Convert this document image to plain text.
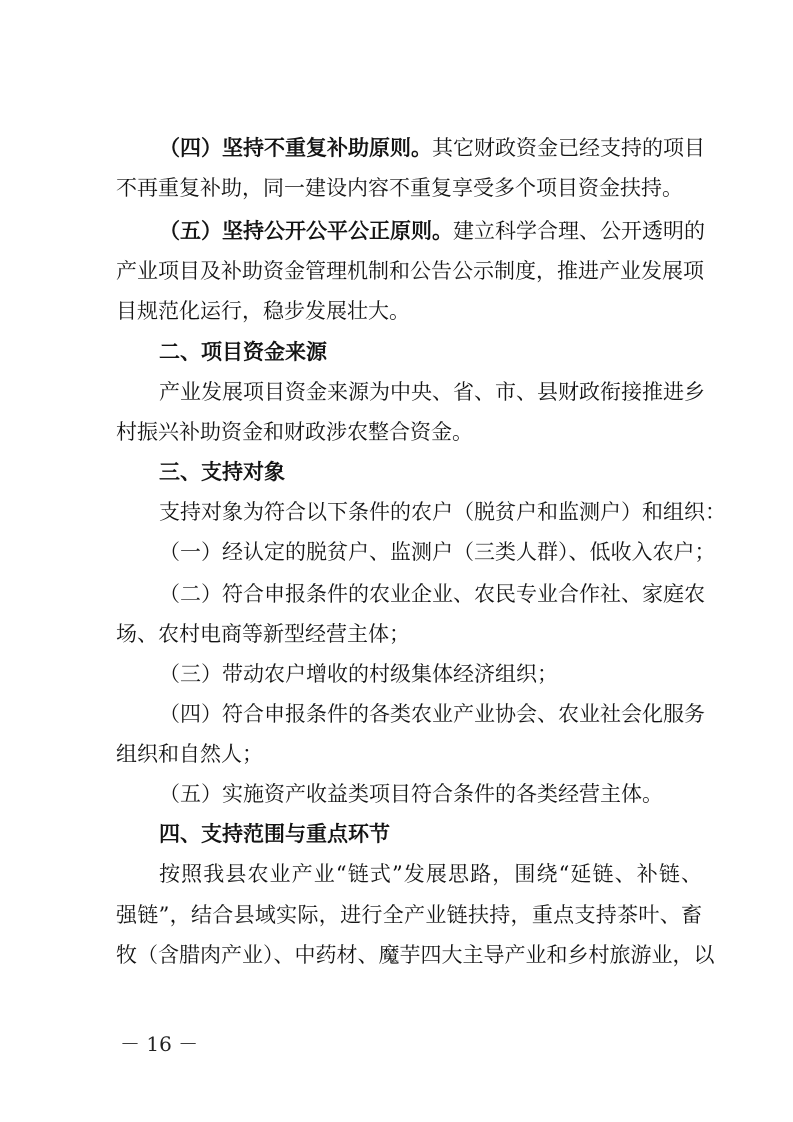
（四）坚持不重复补助原则。其它财政资金已经支持的项目
不再重复补助，同一建设内容不重复享受多个项目资金扶持。
（五）坚持公开公平公正原则。建立科学合理、公开透明的
产业项目及补助资金管理机制和公告公示制度，推进产业发展项
目规范化运行，稳步发展壮大。
二、项目资金来源
产业发展项目资金来源为中央、省、市、县财政衔接推进乡
村振兴补助资金和财政涉农整合资金。
三、支持对象
支持对象为符合以下条件的农户（脱贫户和监测户）和组织：
（一）经认定的脱贫户、监测户（三类人群）、低收入农户；
（二）符合申报条件的农业企业、农民专业合作社、家庭农
场、农村电商等新型经营主体；
（三）带动农户增收的村级集体经济组织；
（四）符合申报条件的各类农业产业协会、农业社会化服务
组织和自然人；
（五）实施资产收益类项目符合条件的各类经营主体。
四、支持范围与重点环节
按照我县农业产业“链式”发展思路，围绕“延链、补链、
强链”，结合县域实际，进行全产业链扶持，重点支持茶叶、畜
牧（含腊肉产业）、中药材、魔芋四大主导产业和乡村旅游业，以
－ 16 －
